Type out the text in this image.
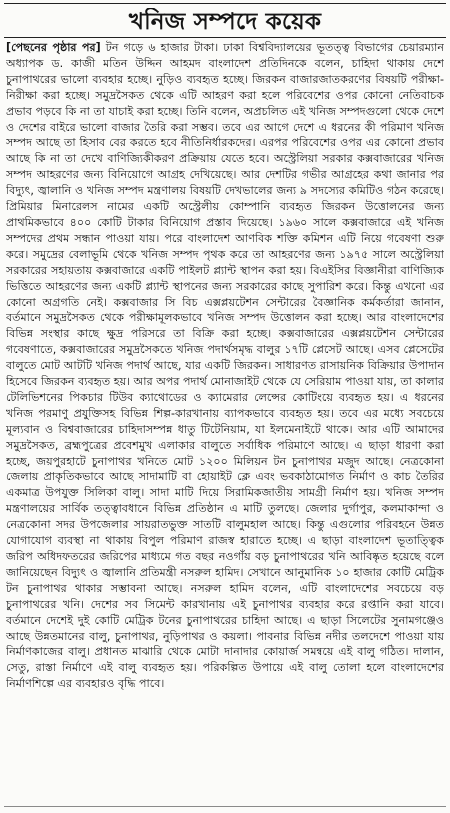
খনিজ সম্পদে কয়েক

[পেছনের পৃষ্ঠার পর] টন গড়ে ৬ হাজার টাকা। ঢাকা বিশ্ববিদ্যালয়ের ভূতত্ত্ব বিভাগের চেয়ারম্যান অধ্যাপক ড. কাজী মতিন উদ্দিন আহমদ বাংলাদেশ প্রতিদিনকে বলেন, চাহিদা থাকায় দেশে চুনাপাথরের ভালো ব্যবহার হচ্ছে। নুড়িও ব্যবহৃত হচ্ছে। জিরকন বাজারজাতকরণের বিষয়টি পরীক্ষা-নিরীক্ষা করা হচ্ছে। সমুদ্রসৈকত থেকে এটি আহরণ করা হলে পরিবেশের ওপর কোনো নেতিবাচক প্রভাব পড়বে কি না তা যাচাই করা হচ্ছে। তিনি বলেন, অপ্রচলিত এই খনিজ সম্পদগুলো থেকে দেশে ও দেশের বাইরে ভালো বাজার তৈরি করা সম্ভব। তবে এর আগে দেশে এ ধরনের কী পরিমাণ খনিজ সম্পদ আছে তা হিসাব বের করতে হবে নীতিনির্ধারকদের। এরপর পরিবেশের ওপর এর কোনো প্রভাব আছে কি না তা দেখে বাণিজ্যিকীকরণ প্রক্রিয়ায় যেতে হবে। অস্ট্রেলিয়া সরকার কক্সবাজারের খনিজ সম্পদ আহরণের জন্য বিনিয়োগে আগ্রহ দেখিয়েছে। আর দেশটির গভীর আগ্রহের কথা জানার পর বিদ্যুৎ, জ্বালানি ও খনিজ সম্পদ মন্ত্রণালয় বিষয়টি দেখভালের জন্য ৯ সদস্যের কমিটিও গঠন করেছে। প্রিমিয়ার মিনারেলস নামের একটি অস্ট্রেলীয় কোম্পানি ব্যবহৃত জিরকন উত্তোলনের জন্য প্রাথমিকভাবে ৪০০ কোটি টাকার বিনিয়োগ প্রস্তাব দিয়েছে। ১৯৬০ সালে কক্সবাজারে এই খনিজ সম্পদের প্রথম সন্ধান পাওয়া যায়। পরে বাংলাদেশ আণবিক শক্তি কমিশন এটি নিয়ে গবেষণা শুরু করে। সমুদ্রের বেলাভূমি থেকে খনিজ সম্পদ পৃথক করে তা আহরণের জন্য ১৯৭৫ সালে অস্ট্রেলিয়া সরকারের সহায়তায় কক্সবাজারে একটি পাইলট প্ল্যান্ট স্থাপন করা হয়। বিএইসির বিজ্ঞানীরা বাণিজ্যিক ভিত্তিতে আহরণের জন্য একটি প্ল্যান্ট স্থাপনের জন্য সরকারের কাছে সুপারিশ করে। কিন্তু এখনো এর কোনো অগ্রগতি নেই। কক্সবাজার সি বিচ এক্সপ্লয়টেশন সেন্টারের বৈজ্ঞানিক কর্মকর্তারা জানান, বর্তমানে সমুদ্রসৈকত থেকে পরীক্ষামূলকভাবে খনিজ সম্পদ উত্তোলন করা হচ্ছে। আর বাংলাদেশের বিভিন্ন সংস্থার কাছে ক্ষুদ্র পরিসরে তা বিক্রি করা হচ্ছে। কক্সবাজারের এক্সপ্লয়টেশন সেন্টারের গবেষণাতে, কক্সবাজারের সমুদ্রসৈকতে খনিজ পদার্থসমৃদ্ধ বালুর ১৭টি প্লেসেট আছে। এসব প্লেসেটের বালুতে মোট আটটি খনিজ পদার্থ আছে, যার একটি জিরকন। সাধারণত রাসায়নিক বিক্রিয়ার উপাদান হিসেবে জিরকন ব্যবহৃত হয়। আর অপর পদার্থ মোনাজাইট থেকে যে সেরিয়াম পাওয়া যায়, তা কালার টেলিভিশনের পিকচার টিউব ক্যাথোডের ও ক্যামেরার লেন্সের কোটিংয়ে ব্যবহৃত হয়। এ ধরনের খনিজ পরমাণু প্রযুক্তিসহ বিভিন্ন শিল্প-কারখানায় ব্যাপকভাবে ব্যবহৃত হয়। তবে এর মধ্যে সবচেয়ে মূল্যবান ও বিশ্ববাজারের চাহিদাসম্পন্ন ধাতু টিটেনিয়াম, যা ইলমেনাইটে থাকে। আর এটি আমাদের সমুদ্রসৈকত, ব্রহ্মপুত্রের প্রবেশমুখ এলাকার বালুতে সর্বাধিক পরিমাণে আছে। এ ছাড়া ধারণা করা হচ্ছে, জয়পুরহাটে চুনাপাথর খনিতে মোট ১২০০ মিলিয়ন টন চুনাপাথর মজুদ আছে। নেত্রকোনা জেলায় প্রাকৃতিকভাবে আছে সাদামাটি বা হোয়াইট ক্লে এবং ভবকাঠামোগত নির্মাণ ও কাচ তৈরির একমাত্র উপযুক্ত সিলিকা বালু। সাদা মাটি দিয়ে সিরামিকজাতীয় সামগ্রী নির্মাণ হয়। খনিজ সম্পদ মন্ত্রণালয়ের সার্বিক তত্ত্বাবধানে বিভিন্ন প্রতিষ্ঠান এ মাটি তুলছে। জেলার দুর্গাপুর, কলমাকান্দা ও নেত্রকোনা সদর উপজেলার সায়রাতভুক্ত সাতটি বালুমহাল আছে। কিন্তু এগুলোর পরিবহনে উন্নত যোগাযোগ ব্যবস্থা না থাকায় বিপুল পরিমাণ রাজস্ব হারাতে হচ্ছে। এ ছাড়া বাংলাদেশ ভূতাত্ত্বিক জরিপ অধিদফতরের জরিপের মাধ্যমে গত বছর নওগাঁয় বড় চুনাপাথরের খনি আবিষ্কৃত হয়েছে বলে জানিয়েছেন বিদ্যুৎ ও জ্বালানি প্রতিমন্ত্রী নসরুল হামিদ। সেখানে আনুমানিক ১০ হাজার কোটি মেট্রিক টন চুনাপাথর থাকার সম্ভাবনা আছে। নসরুল হামিদ বলেন, এটি বাংলাদেশের সবচেয়ে বড় চুনাপাথরের খনি। দেশের সব সিমেন্ট কারখানায় এই চুনাপাথর ব্যবহার করে রপ্তানি করা যাবে। বর্তমানে দেশেই দুই কোটি মেট্রিক টনের চুনাপাথরের চাহিদা আছে। এ ছাড়া সিলেটের সুনামগঞ্জেও আছে উন্নতমানের বালু, চুনাপাথর, নুড়িপাথর ও কয়লা। পাবনার বিভিন্ন নদীর তলদেশে পাওয়া যায় নির্মাণকাজের বালু। প্রধানত মাঝারি থেকে মোটা দানাদার কোয়ার্জ সমন্বয়ে এই বালু গঠিত। দালান, সেতু, রাস্তা নির্মাণে এই বালু ব্যবহৃত হয়। পরিকল্পিত উপায়ে এই বালু তোলা হলে বাংলাদেশের নির্মাণশিল্পে এর ব্যবহারও বৃদ্ধি পাবে।
